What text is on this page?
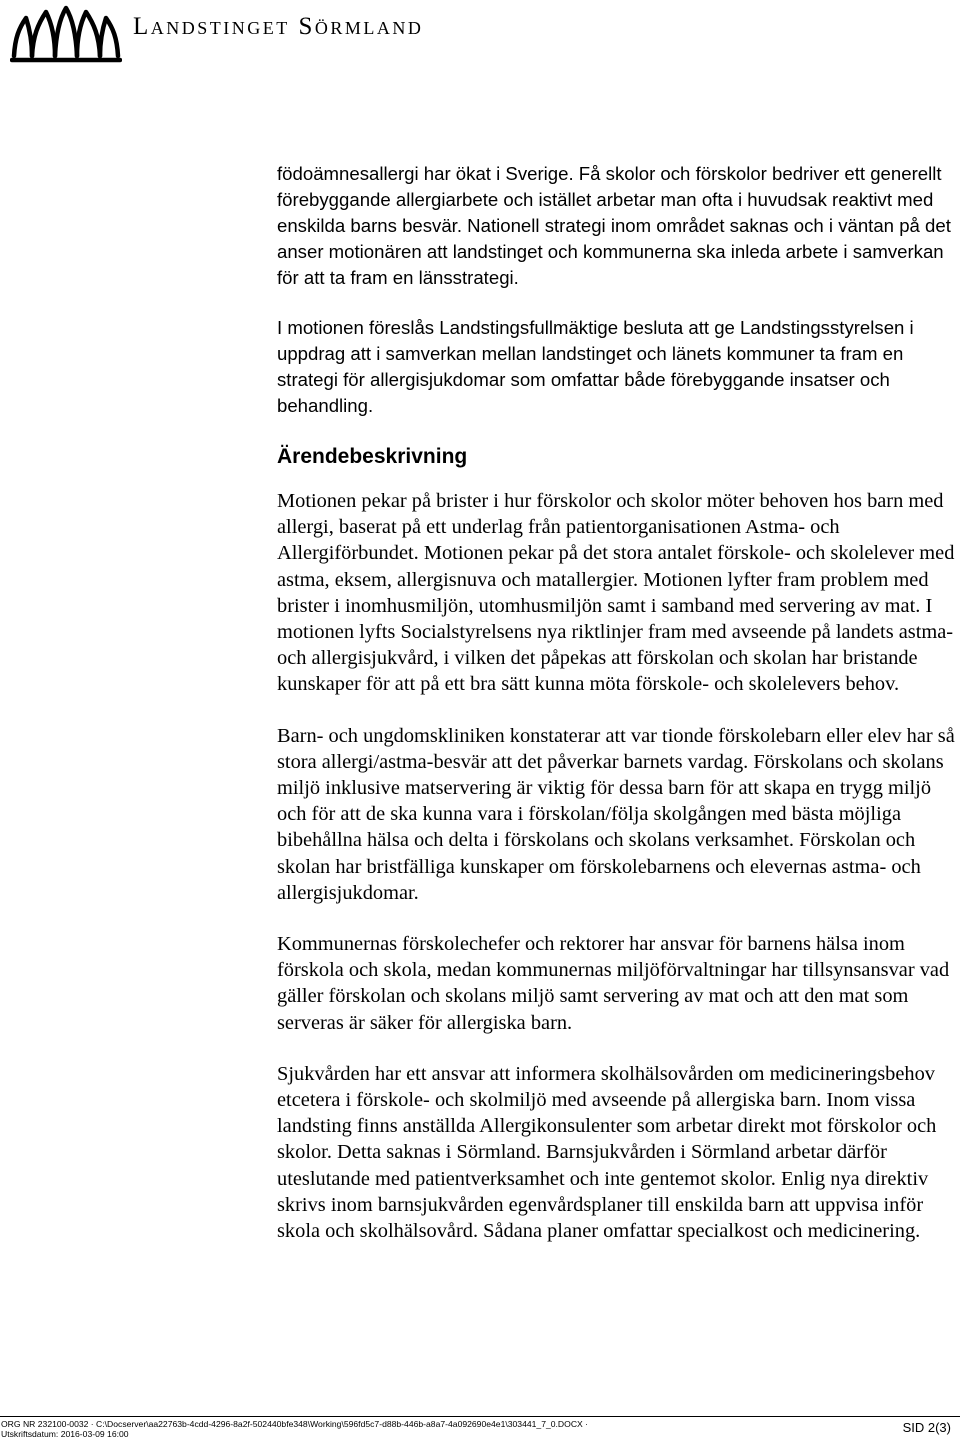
Landstinget Sörmland

födoämnesallergi har ökat i Sverige. Få skolor och förskolor bedriver ett generellt förebyggande allergiarbete och istället arbetar man ofta i huvudsak reaktivt med enskilda barns besvär. Nationell strategi inom området saknas och i väntan på det anser motionären att landstinget och kommunerna ska inleda arbete i samverkan för att ta fram en länsstrategi.

I motionen föreslås Landstingsfullmäktige besluta att ge Landstingsstyrelsen i uppdrag att i samverkan mellan landstinget och länets kommuner ta fram en strategi för allergisjukdomar som omfattar både förebyggande insatser och behandling.

Ärendebeskrivning

Motionen pekar på brister i hur förskolor och skolor möter behoven hos barn med allergi, baserat på ett underlag från patientorganisationen Astma- och Allergiförbundet. Motionen pekar på det stora antalet förskole- och skolelever med astma, eksem, allergisnuva och matallergier. Motionen lyfter fram problem med brister i inomhusmiljön, utomhusmiljön samt i samband med servering av mat. I motionen lyfts Socialstyrelsens nya riktlinjer fram med avseende på landets astma- och allergisjukvård, i vilken det påpekas att förskolan och skolan har bristande kunskaper för att på ett bra sätt kunna möta förskole- och skolelevers behov.

Barn- och ungdomskliniken konstaterar att var tionde förskolebarn eller elev har så stora allergi/astma-besvär att det påverkar barnets vardag. Förskolans och skolans miljö inklusive matservering är viktig för dessa barn för att skapa en trygg miljö och för att de ska kunna vara i förskolan/följa skolgången med bästa möjliga bibehållna hälsa och delta i förskolans och skolans verksamhet. Förskolan och skolan har bristfälliga kunskaper om förskolebarnens och elevernas astma- och allergisjukdomar.

Kommunernas förskolechefer och rektorer har ansvar för barnens hälsa inom förskola och skola, medan kommunernas miljöförvaltningar har tillsynsansvar vad gäller förskolan och skolans miljö samt servering av mat och att den mat som serveras är säker för allergiska barn.

Sjukvården har ett ansvar att informera skolhälsovården om medicineringsbehov etcetera i förskole- och skolmiljö med avseende på allergiska barn. Inom vissa landsting finns anställda Allergikonsulenter som arbetar direkt mot förskolor och skolor. Detta saknas i Sörmland. Barnsjukvården i Sörmland arbetar därför uteslutande med patientverksamhet och inte gentemot skolor. Enlig nya direktiv skrivs inom barnsjukvården egenvårdsplaner till enskilda barn att uppvisa inför skola och skolhälsovård. Sådana planer omfattar specialkost och medicinering.

ORG NR 232100-0032 · C:\Docserver\aa22763b-4cdd-4296-8a2f-502440bfe348\Working\596fd5c7-d88b-446b-a8a7-4a092690e4e1\303441_7_0.DOCX ·
Utskriftsdatum: 2016-03-09 16:00	SID 2(3)
